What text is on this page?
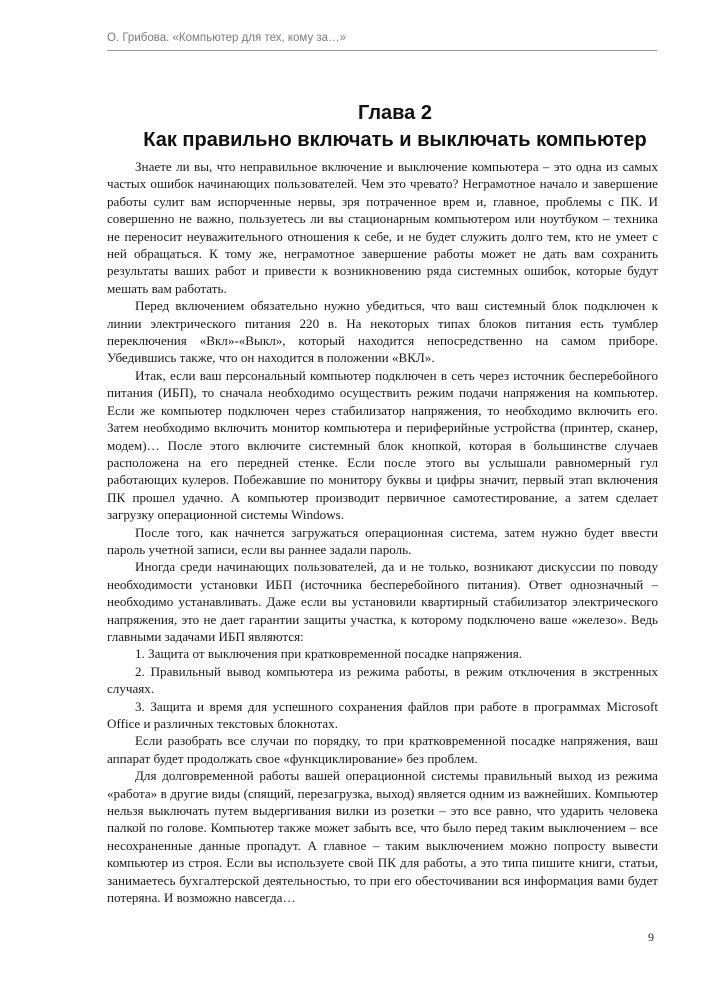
О. Грибова. «Компьютер для тех, кому за…»
Глава 2
Как правильно включать и выключать компьютер

Знаете ли вы, что неправильное включение и выключение компьютера – это одна из самых частых ошибок начинающих пользователей. Чем это чревато? Неграмотное начало и завершение работы сулит вам испорченные нервы, зря потраченное врем и, главное, проблемы с ПК. И совершенно не важно, пользуетесь ли вы стационарным компьютером или ноутбуком – техника не переносит неуважительного отношения к себе, и не будет служить долго тем, кто не умеет с ней обращаться. К тому же, неграмотное завершение работы может не дать вам сохранить результаты ваших работ и привести к возникновению ряда системных ошибок, которые будут мешать вам работать.

Перед включением обязательно нужно убедиться, что ваш системный блок подключен к линии электрического питания 220 в. На некоторых типах блоков питания есть тумблер переключения «Вкл»-«Выкл», который находится непосредственно на самом приборе. Убедившись также, что он находится в положении «ВКЛ».

Итак, если ваш персональный компьютер подключен в сеть через источник бесперебойного питания (ИБП), то сначала необходимо осуществить режим подачи напряжения на компьютер. Если же компьютер подключен через стабилизатор напряжения, то необходимо включить его. Затем необходимо включить монитор компьютера и периферийные устройства (принтер, сканер, модем)… После этого включите системный блок кнопкой, которая в большинстве случаев расположена на его передней стенке. Если после этого вы услышали равномерный гул работающих кулеров. Побежавшие по монитору буквы и цифры значит, первый этап включения ПК прошел удачно. А компьютер производит первичное самотестирование, а затем сделает загрузку операционной системы Windows.

После того, как начнется загружаться операционная система, затем нужно будет ввести пароль учетной записи, если вы раннее задали пароль.

Иногда среди начинающих пользователей, да и не только, возникают дискуссии по поводу необходимости установки ИБП (источника бесперебойного питания). Ответ однозначный – необходимо устанавливать. Даже если вы установили квартирный стабилизатор электрического напряжения, это не дает гарантии защиты участка, к которому подключено ваше «железо». Ведь главными задачами ИБП являются:

1. Защита от выключения при кратковременной посадке напряжения.

2. Правильный вывод компьютера из режима работы, в режим отключения в экстренных случаях.

3. Защита и время для успешного сохранения файлов при работе в программах Microsoft Office и различных текстовых блокнотах.

Если разобрать все случаи по порядку, то при кратковременной посадке напряжения, ваш аппарат будет продолжать свое «функциклирование» без проблем.

Для долговременной работы вашей операционной системы правильный выход из режима «работа» в другие виды (спящий, перезагрузка, выход) является одним из важнейших. Компьютер нельзя выключать путем выдергивания вилки из розетки – это все равно, что ударить человека палкой по голове. Компьютер также может забыть все, что было перед таким выключением – все несохраненные данные пропадут. А главное – таким выключением можно попросту вывести компьютер из строя. Если вы используете свой ПК для работы, а это типа пишите книги, статьи, занимаетесь бухгалтерской деятельностью, то при его обесточивании вся информация вами будет потеряна. И возможно навсегда…

9
